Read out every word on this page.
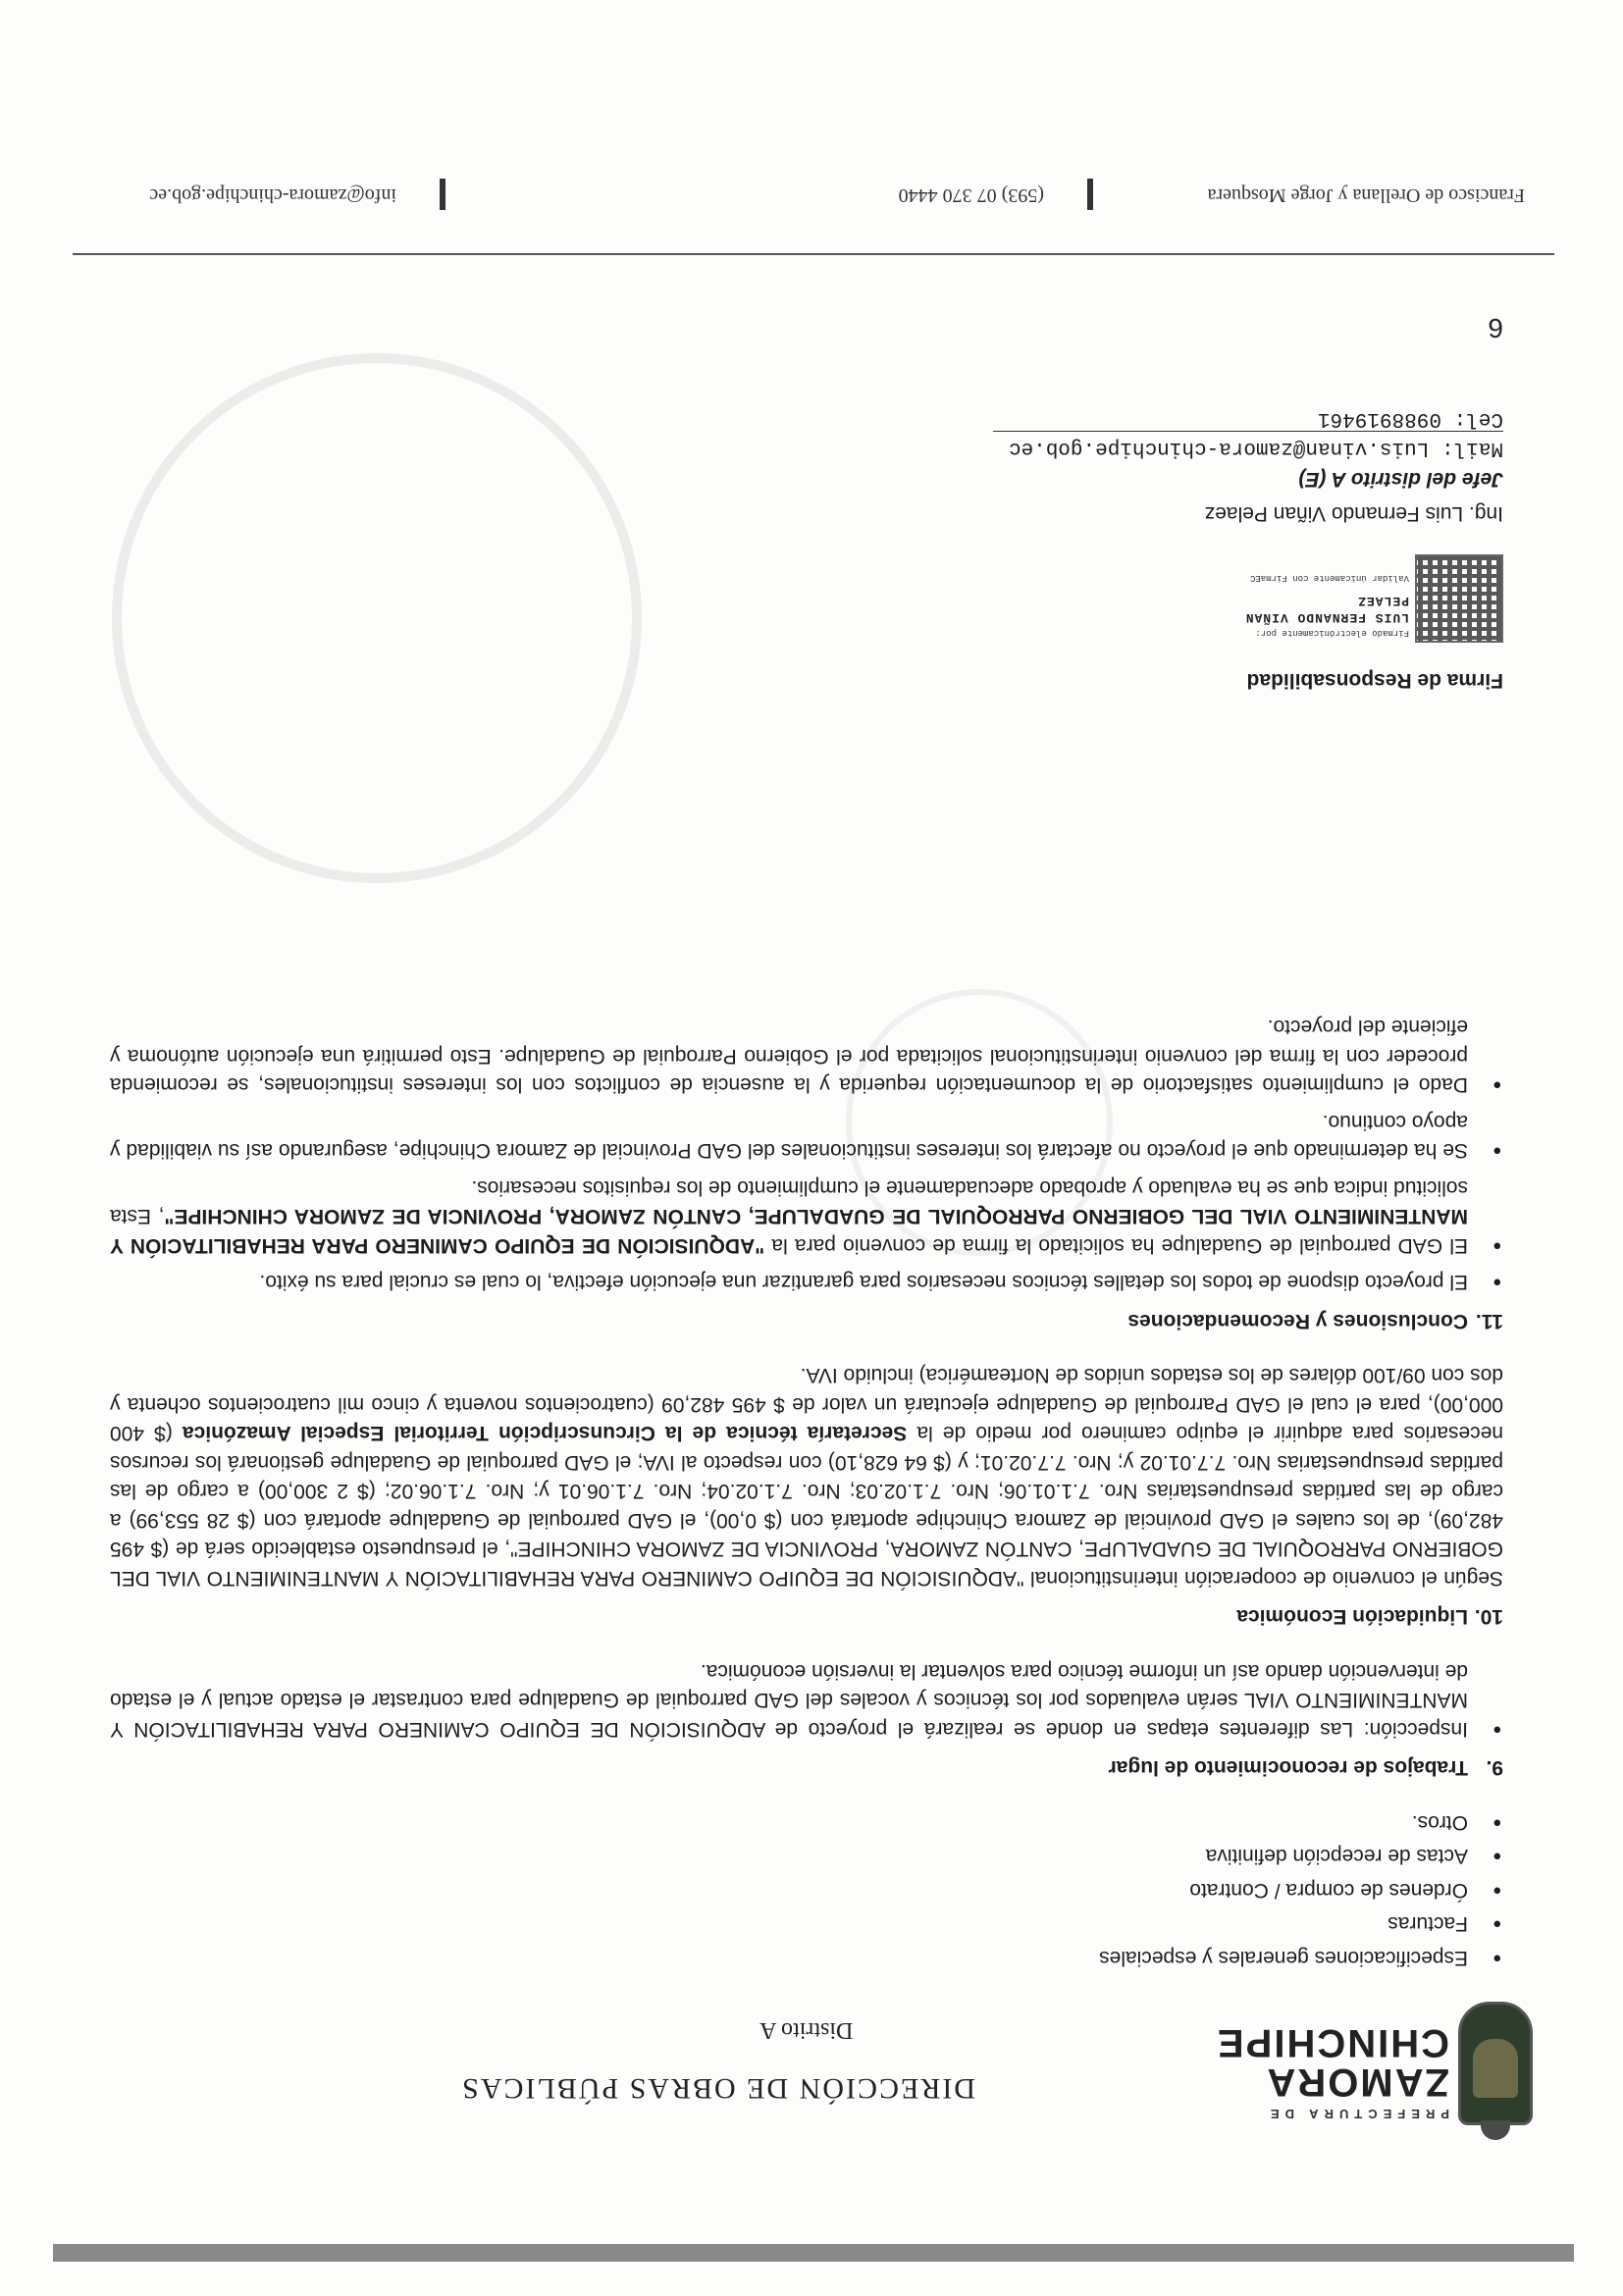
PREFECTURA DE
ZAMORA
CHINCHIPE
DIRECCIÓN DE OBRAS PÚBLICAS
Distrito A
• Especificaciones generales y especiales
• Facturas
• Órdenes de compra / Contrato
• Actas de recepción definitiva
• Otros.
9.Trabajos de reconocimiento de lugar
• Inspección: Las diferentes etapas en donde se realizará el proyecto de ADQUISICIÓN DE EQUIPO CAMINERO PARA REHABILITACIÓN Y MANTENIMIENTO VIAL serán evaluados por los técnicos y vocales del GAD parroquial de Guadalupe para contrastar el estado actual y el estado de intervención dando así un informe técnico para solventar la inversión económica.
10.Liquidación Económica

Según el convenio de cooperación interinstitucional "ADQUISICIÓN DE EQUIPO CAMINERO PARA REHABILITACIÓN Y MANTENIMIENTO VIAL DEL GOBIERNO PARROQUIAL DE GUADALUPE, CANTÓN ZAMORA, PROVINCIA DE ZAMORA CHINCHIPE", el presupuesto establecido será de ($ 495 482,09), de los cuales el GAD provincial de Zamora Chinchipe aportará con ($ 0,00), el GAD parroquial de Guadalupe aportará con ($ 28 553,99) a cargo de las partidas presupuestarias Nro. 7.1.01.06; Nro. 7.1.02.03; Nro. 7.1.02.04; Nro. 7.1.06.01 y; Nro. 7.1.06.02; ($ 2 300,00) a cargo de las partidas presupuestarias Nro. 7.7.01.02 y; Nro. 7.7.02.01; y ($ 64 628,10) con respecto al IVA; el GAD parroquial de Guadalupe gestionará los recursos necesarios para adquirir el equipo caminero por medio de la Secretaría técnica de la Circunscripción Territorial Especial Amazónica ($ 400 000,00), para el cual el GAD Parroquial de Guadalupe ejecutará un valor de $ 495 482,09 (cuatrocientos noventa y cinco mil cuatrocientos ochenta y dos con 09/100 dólares de los estados unidos de Norteamérica) incluido IVA.

11.Conclusiones y Recomendaciones
• El proyecto dispone de todos los detalles técnicos necesarios para garantizar una ejecución efectiva, lo cual es crucial para su éxito.
• El GAD parroquial de Guadalupe ha solicitado la firma de convenio para la "ADQUISICIÓN DE EQUIPO CAMINERO PARA REHABILITACIÓN Y MANTENIMIENTO VIAL DEL GOBIERNO PARROQUIAL DE GUADALUPE, CANTÓN ZAMORA, PROVINCIA DE ZAMORA CHINCHIPE", Esta solicitud indica que se ha evaluado y aprobado adecuadamente el cumplimiento de los requisitos necesarios.
• Se ha determinado que el proyecto no afectará los intereses institucionales del GAD Provincial de Zamora Chinchipe, asegurando así su viabilidad y apoyo continuo.
• Dado el cumplimiento satisfactorio de la documentación requerida y la ausencia de conflictos con los intereses institucionales, se recomienda proceder con la firma del convenio interinstitucional solicitada por el Gobierno Parroquial de Guadalupe. Esto permitirá una ejecución autónoma y eficiente del proyecto.
Firma de Responsabilidad
Firmado electrónicamente por:
LUIS FERNANDO VIÑAN
PELAEZ
Validar únicamente con FirmaEC
Ing. Luis Fernando Viñan Pelaez
Jefe del distrito A (E)
Mail: Luis.vinan@zamora-chinchipe.gob.ec
Cel: 0988919461
6
Francisco de Orellana y Jorge Mosquera
(593) 07 370 4440
info@zamora-chinchipe.gob.ec
